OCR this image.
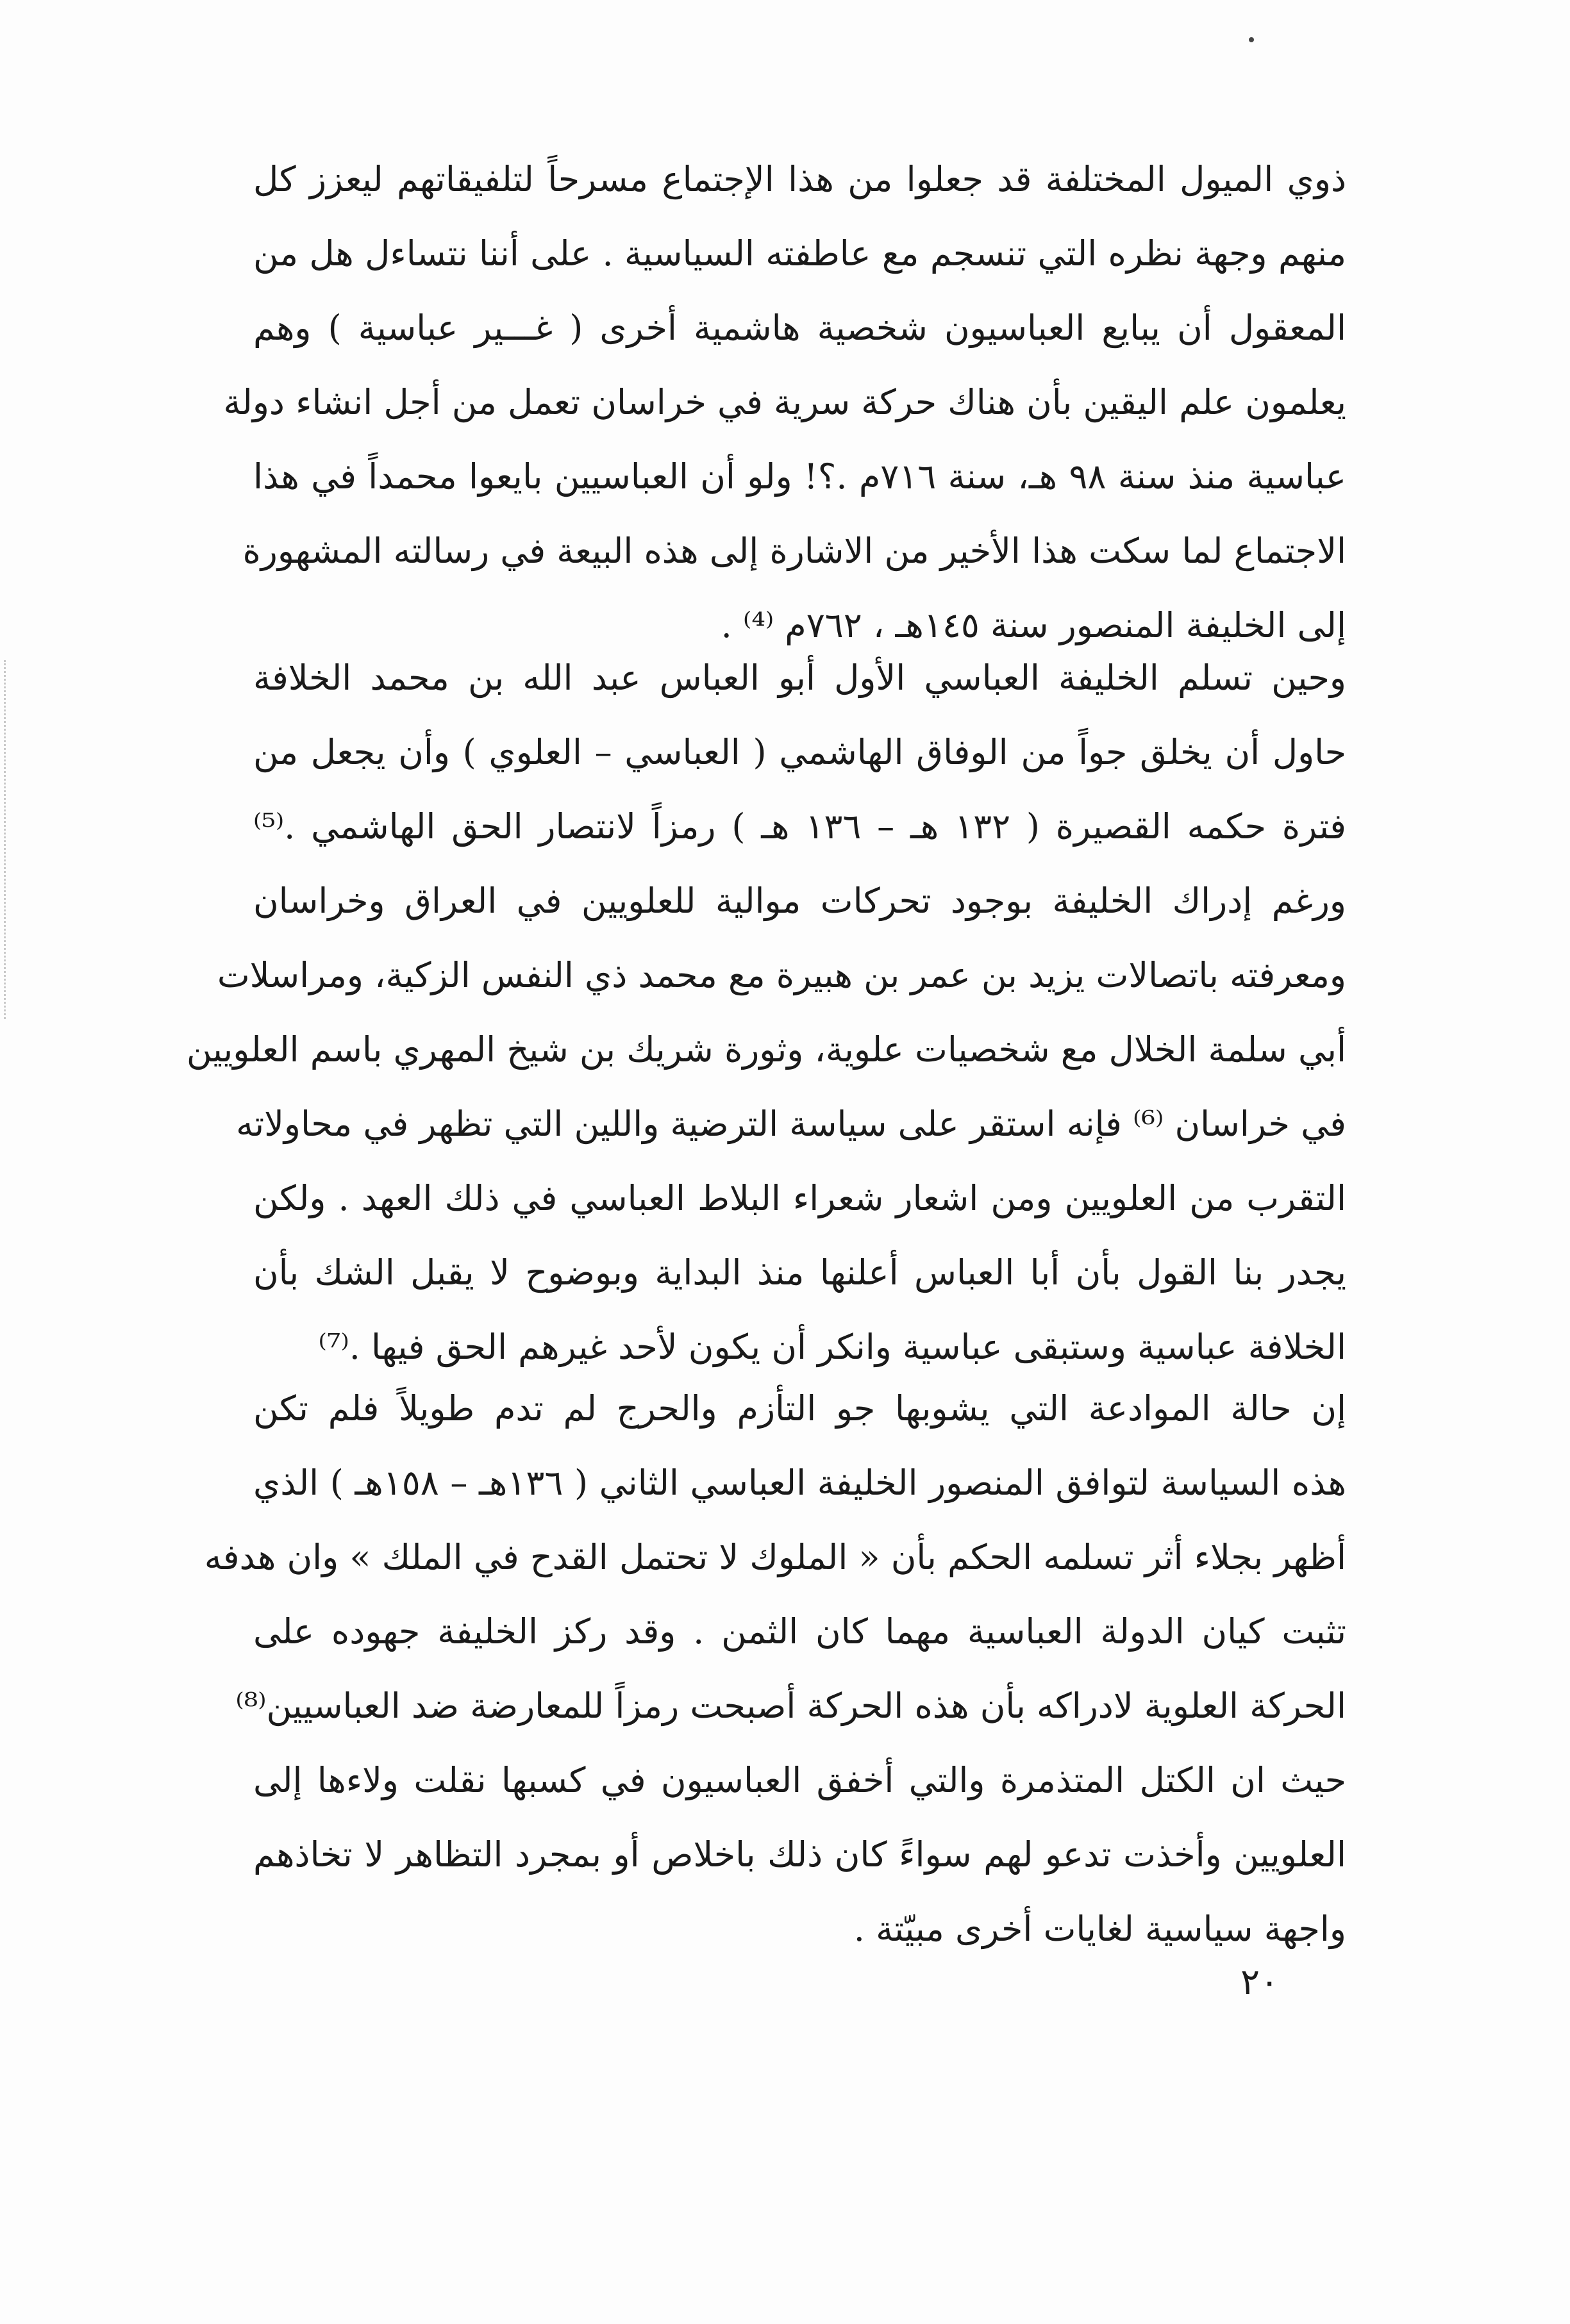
ذوي الميول المختلفة قد جعلوا من هذا الإجتماع مسرحاً لتلفيقاتهم ليعزز كل
منهم وجهة نظره التي تنسجم مع عاطفته السياسية . على أننا نتساءل هل من
المعقول أن يبايع العباسيون شخصية هاشمية أخرى ( غـــير عباسية ) وهم
يعلمون علم اليقين بأن هناك حركة سرية في خراسان تعمل من أجل انشاء دولة
عباسية منذ سنة ٩٨ هـ، سنة ٧١٦م .؟! ولو أن العباسيين بايعوا محمداً في هذا
الاجتماع لما سكت هذا الأخير من الاشارة إلى هذه البيعة في رسالته المشهورة
إلى الخليفة المنصور سنة ١٤٥هـ ، ٧٦٢م ⁽⁴⁾ .
وحين تسلم الخليفة العباسي الأول أبو العباس عبد الله بن محمد الخلافة
حاول أن يخلق جواً من الوفاق الهاشمي ( العباسي – العلوي ) وأن يجعل من
فترة حكمه القصيرة ( ١٣٢ هـ – ١٣٦ هـ ) رمزاً لانتصار الحق الهاشمي .⁽⁵⁾
ورغم إدراك الخليفة بوجود تحركات موالية للعلويين في العراق وخراسان
ومعرفته باتصالات يزيد بن عمر بن هبيرة مع محمد ذي النفس الزكية، ومراسلات
أبي سلمة الخلال مع شخصيات علوية، وثورة شريك بن شيخ المهري باسم العلويين
في خراسان ⁽⁶⁾ فإنه استقر على سياسة الترضية واللين التي تظهر في محاولاته
التقرب من العلويين ومن اشعار شعراء البلاط العباسي في ذلك العهد . ولكن
يجدر بنا القول بأن أبا العباس أعلنها منذ البداية وبوضوح لا يقبل الشك بأن
الخلافة عباسية وستبقى عباسية وانكر أن يكون لأحد غيرهم الحق فيها .⁽⁷⁾
إن حالة الموادعة التي يشوبها جو التأزم والحرج لم تدم طويلاً فلم تكن
هذه السياسة لتوافق المنصور الخليفة العباسي الثاني ( ١٣٦هـ – ١٥٨هـ ) الذي
أظهر بجلاء أثر تسلمه الحكم بأن « الملوك لا تحتمل القدح في الملك » وان هدفه
تثبت كيان الدولة العباسية مهما كان الثمن . وقد ركز الخليفة جهوده على
الحركة العلوية لادراكه بأن هذه الحركة أصبحت رمزاً للمعارضة ضد العباسيين⁽⁸⁾
حيث ان الكتل المتذمرة والتي أخفق العباسيون في كسبها نقلت ولاءها إلى
العلويين وأخذت تدعو لهم سواءً كان ذلك باخلاص أو بمجرد التظاهر لا تخاذهم
واجهة سياسية لغايات أخرى مبيّتة .
٢٠
